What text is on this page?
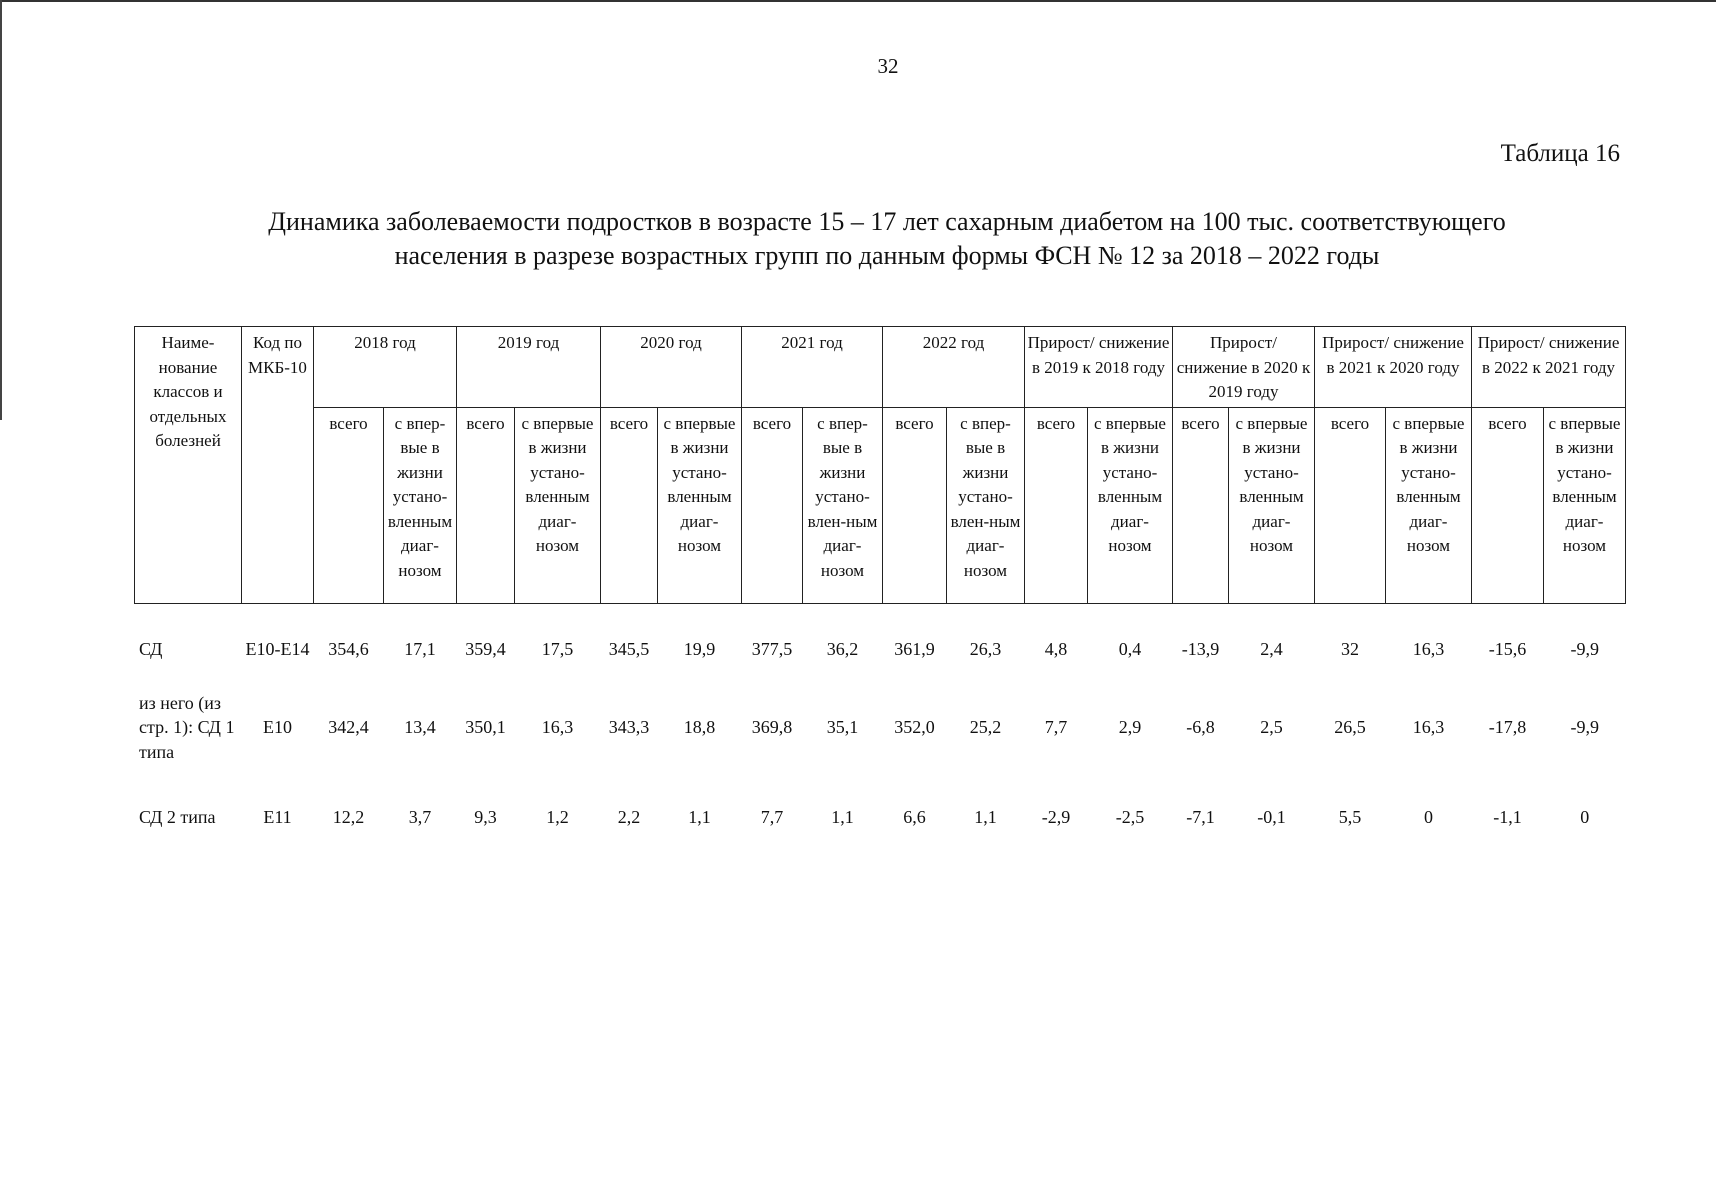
32
Таблица 16
Динамика заболеваемости подростков в возрасте 15 – 17 лет сахарным диабетом на 100 тыс. соответствующего
населения в разрезе возрастных групп по данным формы ФСН № 12 за 2018 – 2022 годы
Наиме-нование классов и отдельных болезней	Код по МКБ-10	2018 год		2019 год		2020 год		2021 год		2022 год		Прирост/ снижение в 2019 к 2018 году		Прирост/ снижение в 2020 к 2019 году		Прирост/ снижение в 2021 к 2020 году		Прирост/ снижение в 2022 к 2021 году	
		всего	с впер-вые в жизни устано-вленным диаг-нозом	всего	с впервые в жизни устано-вленным диаг-нозом	всего	с впервые в жизни устано-вленным диаг-нозом	всего	с впер-вые в жизни устано-влен-ным диаг-нозом	всего	с впер-вые в жизни устано-влен-ным диаг-нозом	всего	с впервые в жизни устано-вленным диаг-нозом	всего	с впервые в жизни устано-вленным диаг-нозом	всего	с впервые в жизни устано-вленным диаг-нозом	всего	с впервые в жизни устано-вленным диаг-нозом
СД	E10-E14	354,6	17,1	359,4	17,5	345,5	19,9	377,5	36,2	361,9	26,3	4,8	0,4	-13,9	2,4	32	16,3	-15,6	-9,9
из него (из стр. 1): СД 1 типа	E10	342,4	13,4	350,1	16,3	343,3	18,8	369,8	35,1	352,0	25,2	7,7	2,9	-6,8	2,5	26,5	16,3	-17,8	-9,9
СД 2 типа	E11	12,2	3,7	9,3	1,2	2,2	1,1	7,7	1,1	6,6	1,1	-2,9	-2,5	-7,1	-0,1	5,5	0	-1,1	0
